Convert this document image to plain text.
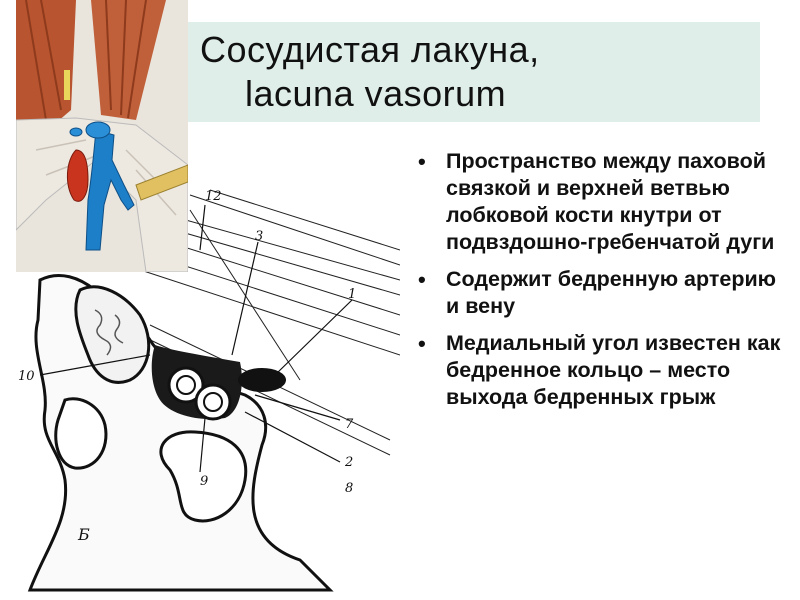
Сосудистая лакуна,
lacuna vasorum
• Пространство между паховой связкой и верхней ветвью лобковой кости кнутри от подвздошно-гребенчатой дуги
• Содержит бедренную артерию и вену
• Медиальный угол известен как бедренное кольцо – место выхода бедренных грыж
12
3
1
10
7
2
8
9
Б
